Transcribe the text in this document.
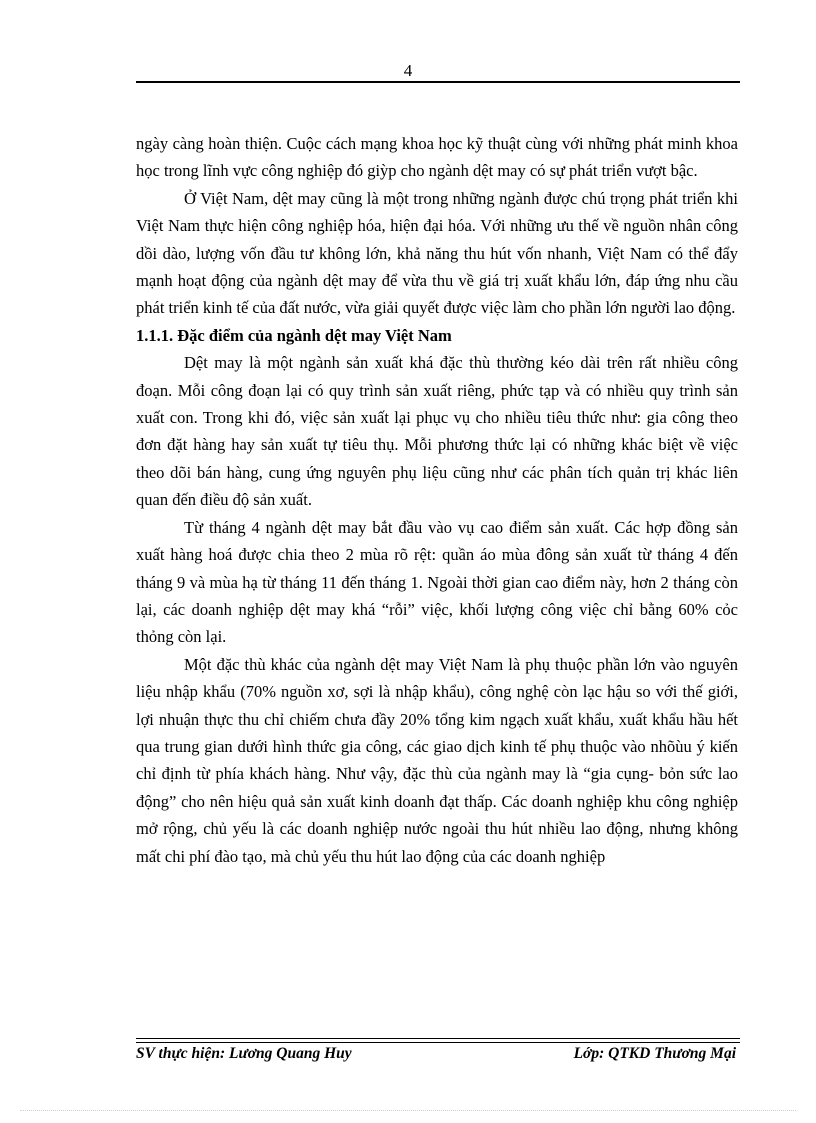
4

ngày càng hoàn thiện. Cuộc cách mạng khoa học kỹ thuật cùng với những phát minh khoa học trong lĩnh vực công nghiệp đó giỳp cho ngành dệt may có sự phát triển vượt bậc.

Ở Việt Nam, dệt may cũng là một trong những ngành được chú trọng phát triển khi Việt Nam thực hiện công nghiệp hóa, hiện đại hóa. Với những ưu thế về nguồn nhân công dồi dào, lượng vốn đầu tư không lớn, khả năng thu hút vốn nhanh, Việt Nam có thể đẩy mạnh hoạt động của ngành dệt may để vừa thu về giá trị xuất khẩu lớn, đáp ứng nhu cầu phát triển kinh tế của đất nước, vừa giải quyết được việc làm cho phần lớn người lao động.

1.1.1. Đặc điểm của ngành dệt may Việt Nam

Dệt may là một ngành sản xuất khá đặc thù thường kéo dài trên rất nhiều công đoạn. Mỗi công đoạn lại có quy trình sản xuất riêng, phức tạp và có nhiều quy trình sản xuất con. Trong khi đó, việc sản xuất lại phục vụ cho nhiều tiêu thức như: gia công theo đơn đặt hàng hay sản xuất tự tiêu thụ. Mỗi phương thức lại có những khác biệt về việc theo dõi bán hàng, cung ứng nguyên phụ liệu cũng như các phân tích quản trị khác liên quan đến điều độ sản xuất.

Từ tháng 4 ngành dệt may bắt đầu vào vụ cao điểm sản xuất. Các hợp đồng sản xuất hàng hoá được chia theo 2 mùa rõ rệt: quần áo mùa đông sản xuất từ tháng 4 đến tháng 9 và mùa hạ từ tháng 11 đến tháng 1. Ngoài thời gian cao điểm này, hơn 2 tháng còn lại, các doanh nghiệp dệt may khá “rỗi” việc, khối lượng công việc chỉ bằng 60% cỏc thỏng còn lại.

Một đặc thù khác của ngành dệt may Việt Nam là phụ thuộc phần lớn vào nguyên liệu nhập khẩu (70% nguồn xơ, sợi là nhập khẩu), công nghệ còn lạc hậu so với thế giới, lợi nhuận thực thu chỉ chiếm chưa đầy 20% tổng kim ngạch xuất khẩu, xuất khẩu hầu hết qua trung gian dưới hình thức gia công, các giao dịch kinh tế phụ thuộc vào nhõùu ý kiến chỉ định từ phía khách hàng. Như vậy, đặc thù của ngành may là “gia cụng- bỏn sức lao động” cho nên hiệu quả sản xuất kinh doanh đạt thấp. Các doanh nghiệp khu công nghiệp mở rộng, chủ yếu là các doanh nghiệp nước ngoài thu hút nhiều lao động, nhưng không mất chi phí đào tạo, mà chủ yếu thu hút lao động của các doanh nghiệp

SV thực hiện: Lương Quang Huy	Lớp: QTKD Thương Mại
